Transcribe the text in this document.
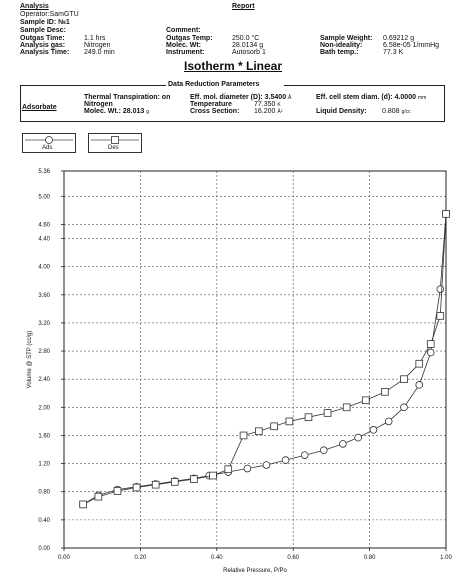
Analysis	Report
Operator:SamGTU
Sample ID: №1
Sample Desc:	Comment:
Outgas Time:	1.1 hrs
Analysis gas:	Nitrogen
Analysis Time: 249.0 min
Outgas Temp:	250.0 °C
Molec. Wt:	28.0134 g
Instrument:	Autosorb 1
Sample Weight: 0.69212 g
Non-ideality:	6.58e-05 1/mmHg
Bath temp.:	77.3 K
Isotherm * Linear
Data Reduction Parameters
Adsorbate
Thermal Transpiration: on
Nitrogen
Molec. Wt.: 28.013 g
Eff. mol. diameter (D): 3.5400 Å
Temperature	77.350 K
Cross Section: 16.200 Å²
Eff. cell stem diam. (d): 4.0000 mm
Liquid Density: 0.808 g/cc
Ads	Des
5.36
5.00
4.60
4.40
4.00
3.60
3.20
2.80
2.40
2.00
1.60
1.20
0.80
0.40
0.00
0.00	0.20	0.40	0.60	0.80	1.00
Volume @ STP (cc/g)
Relative Pressure, P/Po
